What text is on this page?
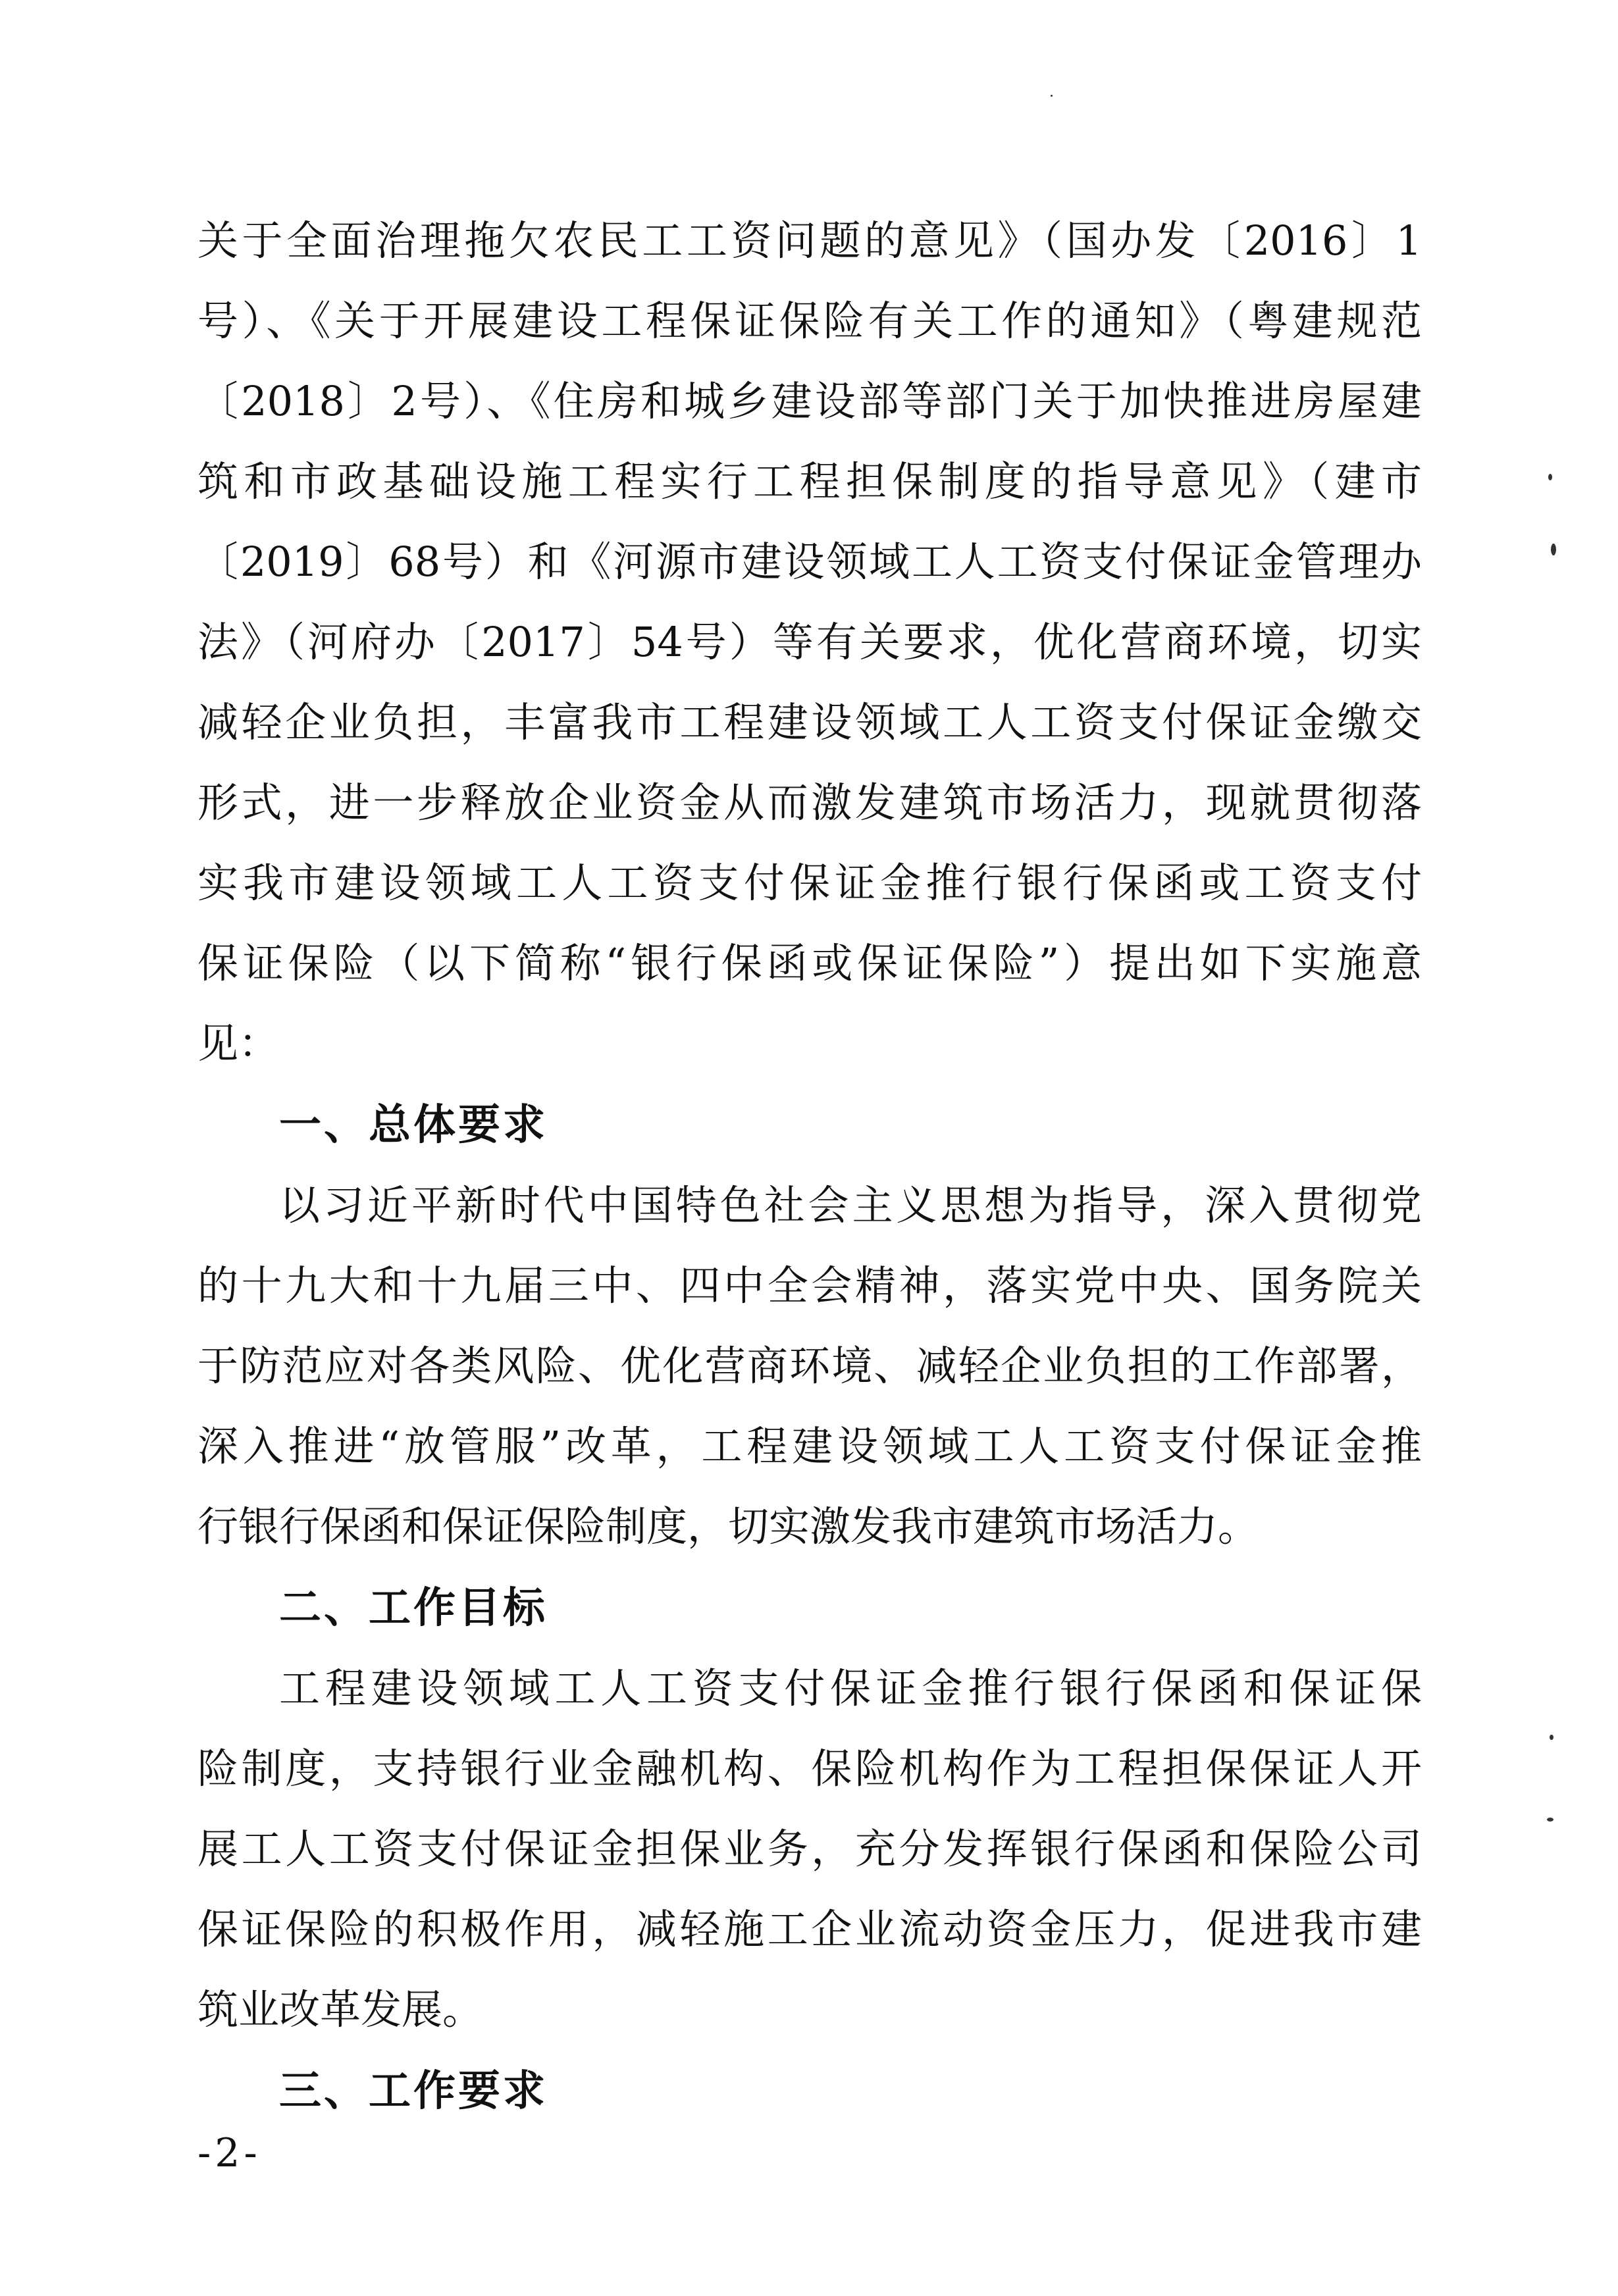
关于全面治理拖欠农民工工资问题的意见》（国办发〔2016〕1
号）、《关于开展建设工程保证保险有关工作的通知》（粤建规范
〔2018〕2号）、《住房和城乡建设部等部门关于加快推进房屋建
筑和市政基础设施工程实行工程担保制度的指导意见》（建市
〔2019〕68号）和《河源市建设领域工人工资支付保证金管理办
法》（河府办〔2017〕54号）等有关要求，优化营商环境，切实
减轻企业负担，丰富我市工程建设领域工人工资支付保证金缴交
形式，进一步释放企业资金从而激发建筑市场活力，现就贯彻落
实我市建设领域工人工资支付保证金推行银行保函或工资支付
保证保险（以下简称“银行保函或保证保险”）提出如下实施意
见：
一、总体要求
以习近平新时代中国特色社会主义思想为指导，深入贯彻党
的十九大和十九届三中、四中全会精神，落实党中央、国务院关
于防范应对各类风险、优化营商环境、减轻企业负担的工作部署，
深入推进“放管服”改革，工程建设领域工人工资支付保证金推
行银行保函和保证保险制度，切实激发我市建筑市场活力。
二、工作目标
工程建设领域工人工资支付保证金推行银行保函和保证保
险制度，支持银行业金融机构、保险机构作为工程担保保证人开
展工人工资支付保证金担保业务，充分发挥银行保函和保险公司
保证保险的积极作用，减轻施工企业流动资金压力，促进我市建
筑业改革发展。
三、工作要求
-2-
